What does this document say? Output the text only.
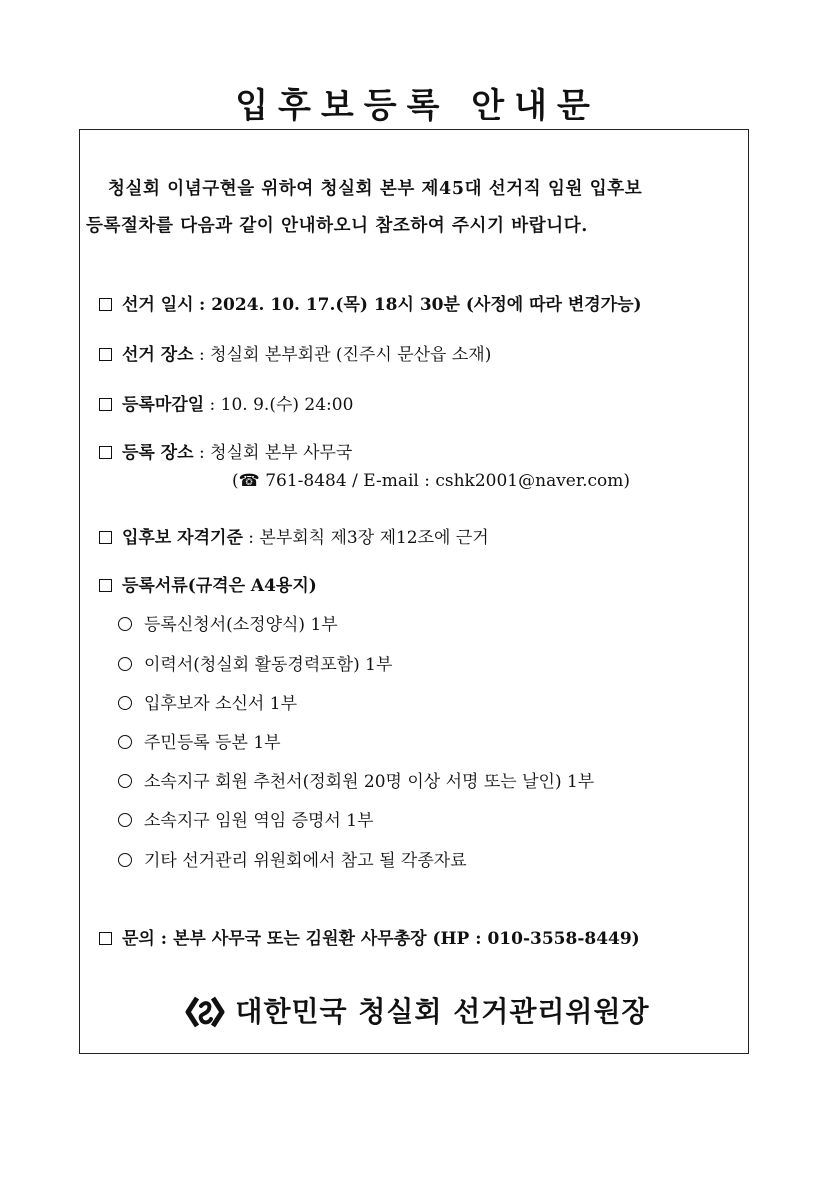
입후보등록 안내문
청실회 이념구현을 위하여 청실회 본부 제45대 선거직 임원 입후보
등록절차를 다음과 같이 안내하오니 참조하여 주시기 바랍니다.
선거 일시 : 2024. 10. 17.(목) 18시 30분 (사정에 따라 변경가능)
선거 장소 : 청실회 본부회관 (진주시 문산읍 소재)
등록마감일 : 10. 9.(수) 24:00
등록 장소 : 청실회 본부 사무국
(☎ 761-8484 / E-mail : cshk2001@naver.com)
입후보 자격기준 : 본부회칙 제3장 제12조에 근거
등록서류(규격은 A4용지)
등록신청서(소정양식) 1부
이력서(청실회 활동경력포함) 1부
입후보자 소신서 1부
주민등록 등본 1부
소속지구 회원 추천서(정회원 20명 이상 서명 또는 날인) 1부
소속지구 임원 역임 증명서 1부
기타 선거관리 위원회에서 참고 될 각종자료
문의 : 본부 사무국 또는 김원환 사무총장 (HP : 010-3558-8449)
대한민국 청실회 선거관리위원장
